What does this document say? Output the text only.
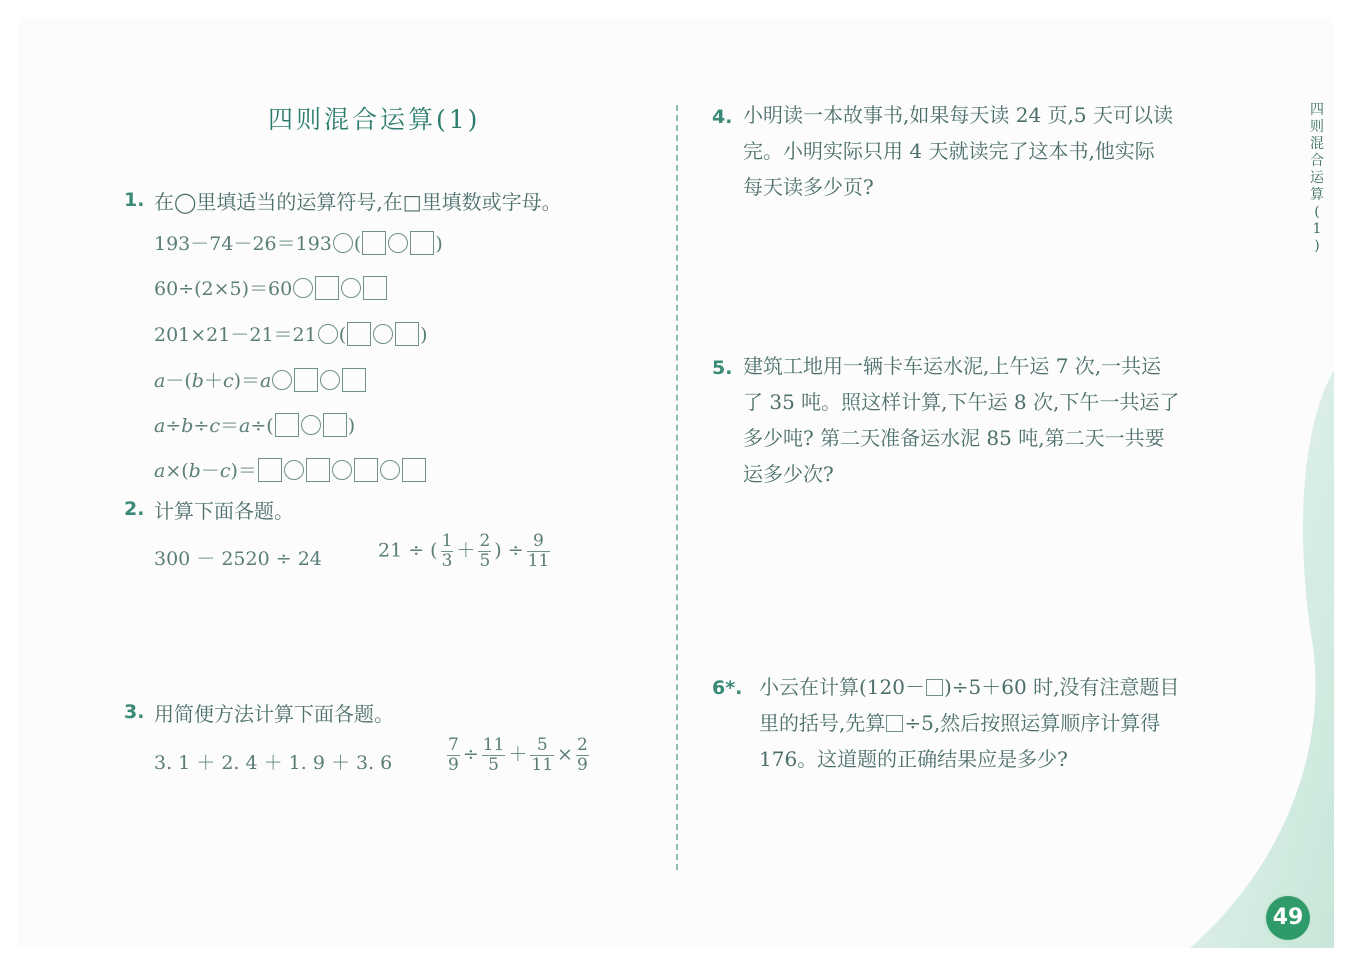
四则混合运算(1)
1. 在◯里填适当的运算符号,在□里填数或字母。
193－74－26＝193 (	)
60÷(2×5)＝60
201×21－21＝21 (	)
a－(b＋c)＝a
a÷b÷c＝a÷(	)
a×(b－c)＝
2. 计算下面各题。
300 － 2520 ÷ 24	21 ÷ ( $\frac{1}{3} + \frac{2}{5}$ ) ÷ $\frac{9}{11}$
3. 用简便方法计算下面各题。
3. 1 ＋ 2. 4 ＋ 1. 9 ＋ 3. 6	$\frac{7}{9} \div \frac{11}{5} + \frac{5}{11} \times \frac{2}{9}$
4. 小明读一本故事书,如果每天读 24 页,5 天可以读
完。小明实际只用 4 天就读完了这本书,他实际
每天读多少页?
5. 建筑工地用一辆卡车运水泥,上午运 7 次,一共运
了 35 吨。照这样计算,下午运 8 次,下午一共运了
多少吨? 第二天准备运水泥 85 吨,第二天一共要
运多少次?
6*. 小云在计算(120－ )÷5＋60 时,没有注意题目
里的括号,先算 ÷5,然后按照运算顺序计算得
176。这道题的正确结果应是多少?
四
则
混
合
运
算
(
1
)
49
